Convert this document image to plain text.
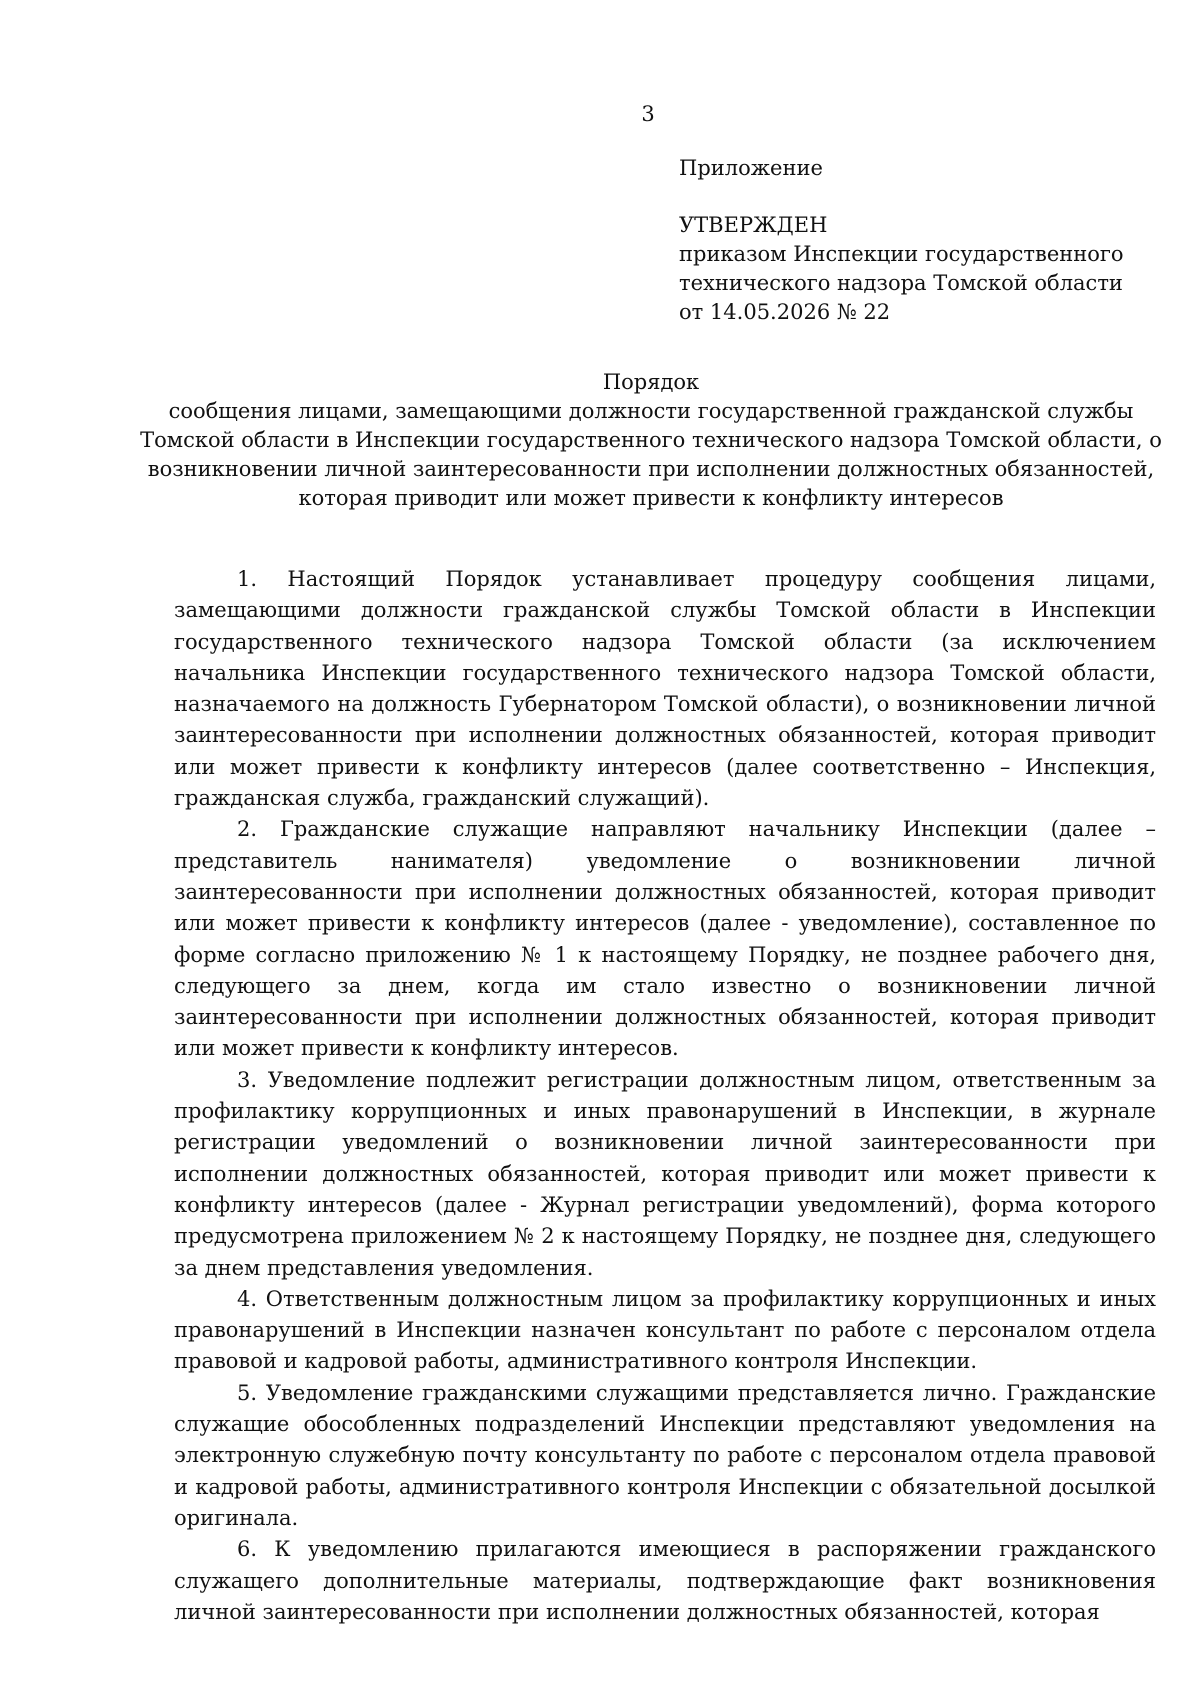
3

Приложение

УТВЕРЖДЕН

приказом Инспекции государственного

технического надзора Томской области

от 14.05.2026 № 22

Порядок

сообщения лицами, замещающими должности государственной гражданской службы Томской области в Инспекции государственного технического надзора Томской области, о возникновении личной заинтересованности при исполнении должностных обязанностей, которая приводит или может привести к конфликту интересов

1. Настоящий Порядок устанавливает процедуру сообщения лицами, замещающими должности гражданской службы Томской области в Инспекции государственного технического надзора Томской области (за исключением начальника Инспекции государственного технического надзора Томской области, назначаемого на должность Губернатором Томской области), о возникновении личной заинтересованности при исполнении должностных обязанностей, которая приводит или может привести к конфликту интересов (далее соответственно – Инспекция, гражданская служба, гражданский служащий).

2. Гражданские служащие направляют начальнику Инспекции (далее – представитель нанимателя) уведомление о возникновении личной заинтересованности при исполнении должностных обязанностей, которая приводит или может привести к конфликту интересов (далее - уведомление), составленное по форме согласно приложению № 1 к настоящему Порядку, не позднее рабочего дня, следующего за днем, когда им стало известно о возникновении личной заинтересованности при исполнении должностных обязанностей, которая приводит или может привести к конфликту интересов.

3. Уведомление подлежит регистрации должностным лицом, ответственным за профилактику коррупционных и иных правонарушений в Инспекции, в журнале регистрации уведомлений о возникновении личной заинтересованности при исполнении должностных обязанностей, которая приводит или может привести к конфликту интересов (далее - Журнал регистрации уведомлений), форма которого предусмотрена приложением № 2 к настоящему Порядку, не позднее дня, следующего за днем представления уведомления.

4. Ответственным должностным лицом за профилактику коррупционных и иных правонарушений в Инспекции назначен консультант по работе с персоналом отдела правовой и кадровой работы, административного контроля Инспекции.

5. Уведомление гражданскими служащими представляется лично. Гражданские служащие обособленных подразделений Инспекции представляют уведомления на электронную служебную почту консультанту по работе с персоналом отдела правовой и кадровой работы, административного контроля Инспекции с обязательной досылкой оригинала.

6. К уведомлению прилагаются имеющиеся в распоряжении гражданского служащего дополнительные материалы, подтверждающие факт возникновения личной заинтересованности при исполнении должностных обязанностей, которая
